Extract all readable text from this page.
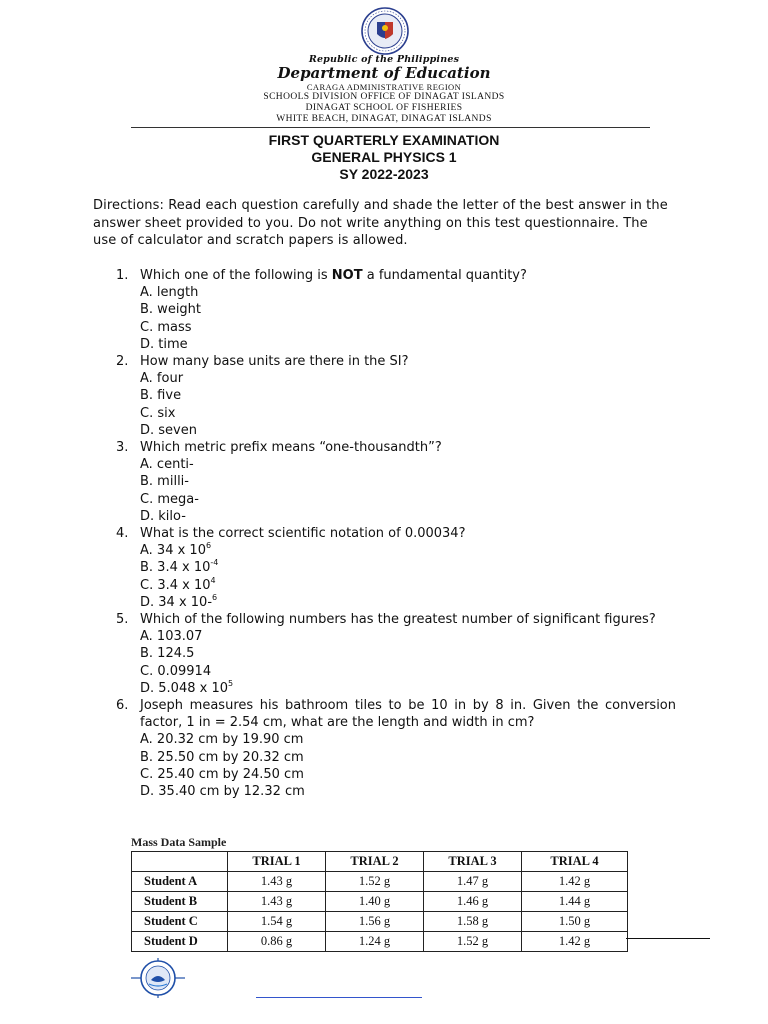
Republic of the Philippines
Department of Education
CARAGA ADMINISTRATIVE REGION
SCHOOLS DIVISION OFFICE OF DINAGAT ISLANDS
DINAGAT SCHOOL OF FISHERIES
WHITE BEACH, DINAGAT, DINAGAT ISLANDS
FIRST QUARTERLY EXAMINATION
GENERAL PHYSICS 1
SY 2022-2023
Directions: Read each question carefully and shade the letter of the best answer in the answer sheet provided to you. Do not write anything on this test questionnaire. The use of calculator and scratch papers is allowed.
1. Which one of the following is NOT a fundamental quantity?
A. length
B. weight
C. mass
D. time
2. How many base units are there in the SI?
A. four
B. five
C. six
D. seven
3. Which metric prefix means “one-thousandth”?
A. centi-
B. milli-
C. mega-
D. kilo-
4. What is the correct scientific notation of 0.00034?
A. 34 x $10^6$
B. 3.4 x $10^{-4}$
C. 3.4 x $10^4$
D. 34 x 10-$^6$
5. Which of the following numbers has the greatest number of significant figures?
A. 103.07
B. 124.5
C. 0.09914
D. 5.048 x $10^5$
6. Joseph measures his bathroom tiles to be 10 in by 8 in. Given the conversion factor, 1 in = 2.54 cm, what are the length and width in cm?
A. 20.32 cm by 19.90 cm
B. 25.50 cm by 20.32 cm
C. 25.40 cm by 24.50 cm
D. 35.40 cm by 12.32 cm
Mass Data Sample
	TRIAL 1	TRIAL 2	TRIAL 3	TRIAL 4
Student A	1.43 g	1.52 g	1.47 g	1.42 g
Student B	1.43 g	1.40 g	1.46 g	1.44 g
Student C	1.54 g	1.56 g	1.58 g	1.50 g
Student D	0.86 g	1.24 g	1.52 g	1.42 g
